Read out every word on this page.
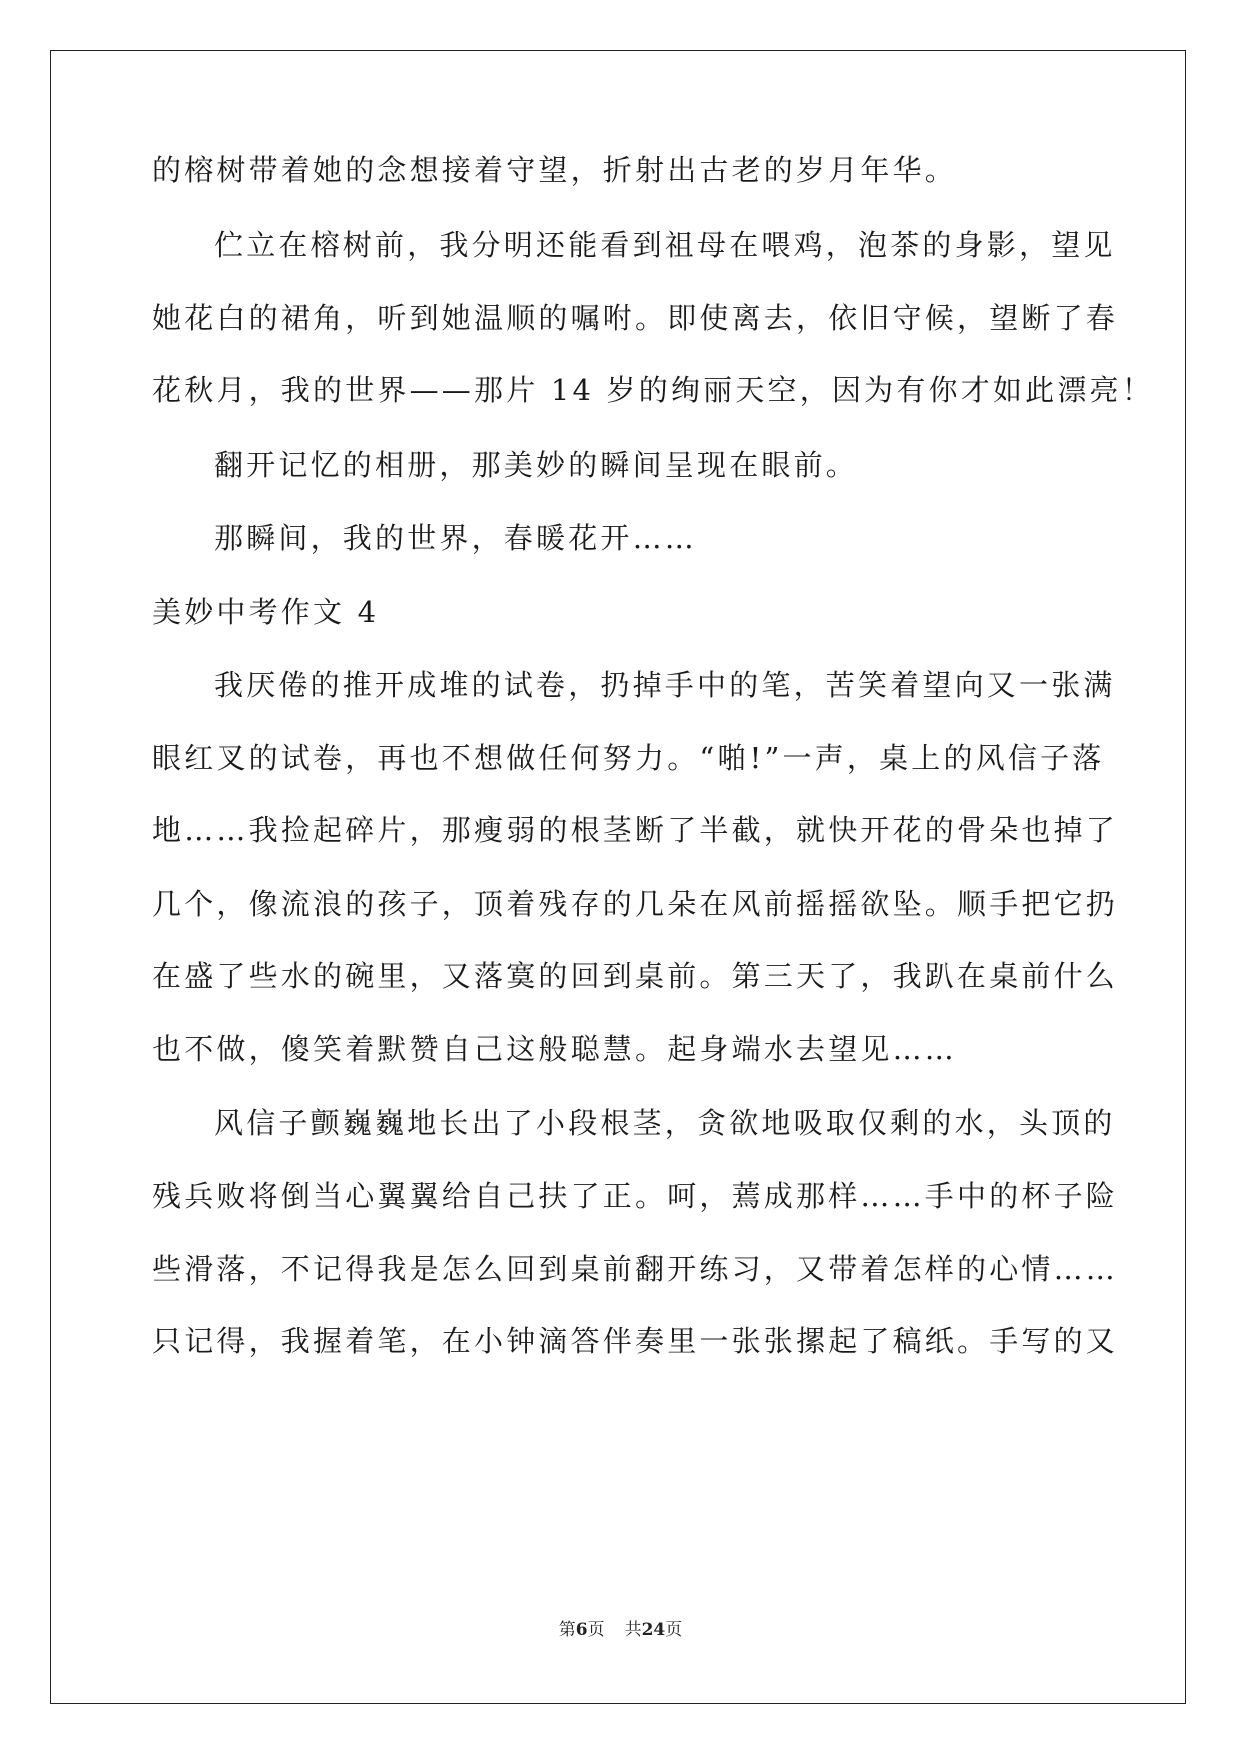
的榕树带着她的念想接着守望，折射出古老的岁月年华。
伫立在榕树前，我分明还能看到祖母在喂鸡，泡茶的身影，望见
她花白的裙角，听到她温顺的嘱咐。即使离去，依旧守候，望断了春
花秋月，我的世界——那片 14 岁的绚丽天空，因为有你才如此漂亮！
翻开记忆的相册，那美妙的瞬间呈现在眼前。
那瞬间，我的世界，春暖花开……
美妙中考作文 4
我厌倦的推开成堆的试卷，扔掉手中的笔，苦笑着望向又一张满
眼红叉的试卷，再也不想做任何努力。“啪!”一声，桌上的风信子落
地……我捡起碎片，那瘦弱的根茎断了半截，就快开花的骨朵也掉了
几个，像流浪的孩子，顶着残存的几朵在风前摇摇欲坠。顺手把它扔
在盛了些水的碗里，又落寞的回到桌前。第三天了，我趴在桌前什么
也不做，傻笑着默赞自己这般聪慧。起身端水去望见……
风信子颤巍巍地长出了小段根茎，贪欲地吸取仅剩的水，头顶的
残兵败将倒当心翼翼给自己扶了正。呵，蔫成那样……手中的杯子险
些滑落，不记得我是怎么回到桌前翻开练习，又带着怎样的心情……
只记得，我握着笔，在小钟滴答伴奏里一张张摞起了稿纸。手写的又
第6页 共24页
